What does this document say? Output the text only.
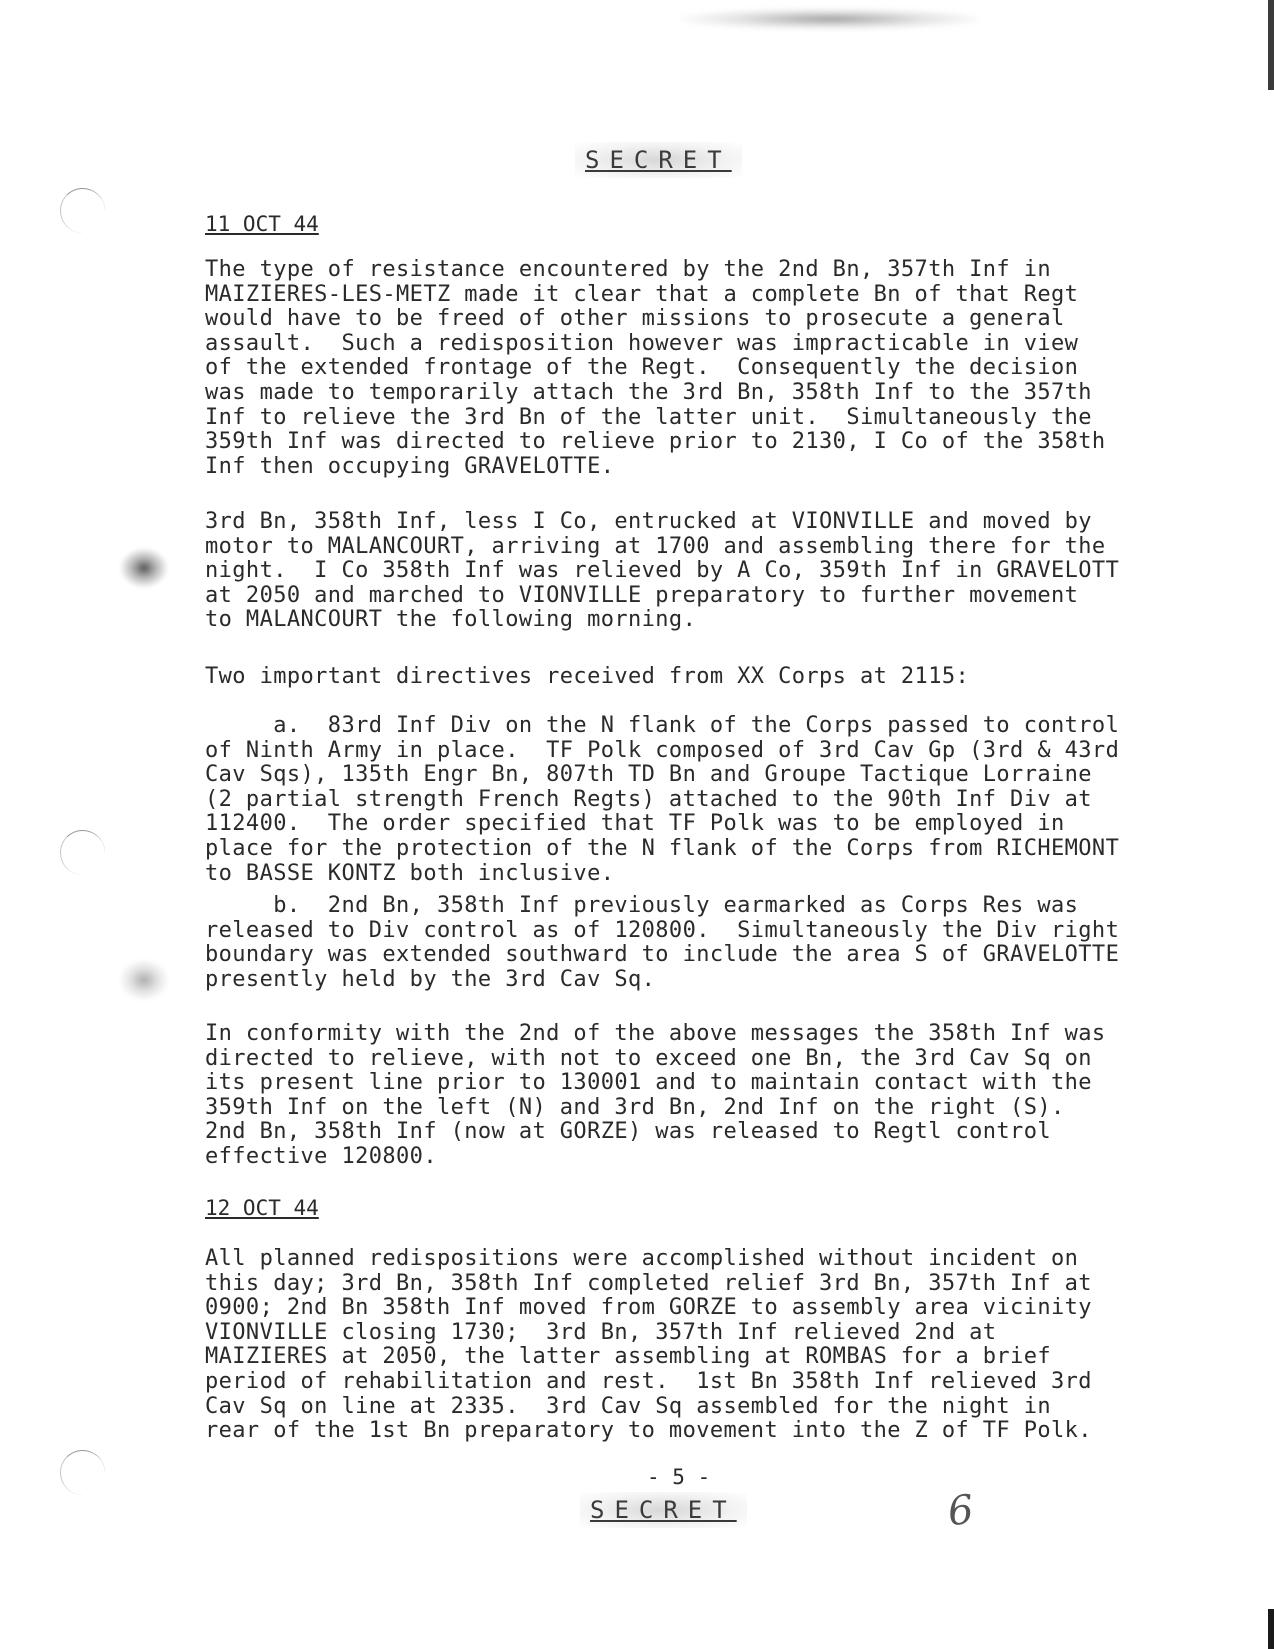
SECRET
11 OCT 44

The type of resistance encountered by the 2nd Bn, 357th Inf in
MAIZIERES-LES-METZ made it clear that a complete Bn of that Regt
would have to be freed of other missions to prosecute a general
assault.  Such a redisposition however was impracticable in view
of the extended frontage of the Regt.  Consequently the decision
was made to temporarily attach the 3rd Bn, 358th Inf to the 357th
Inf to relieve the 3rd Bn of the latter unit.  Simultaneously the
359th Inf was directed to relieve prior to 2130, I Co of the 358th
Inf then occupying GRAVELOTTE.

3rd Bn, 358th Inf, less I Co, entrucked at VIONVILLE and moved by
motor to MALANCOURT, arriving at 1700 and assembling there for the
night.  I Co 358th Inf was relieved by A Co, 359th Inf in GRAVELOTT
at 2050 and marched to VIONVILLE preparatory to further movement
to MALANCOURT the following morning.

Two important directives received from XX Corps at 2115:

a.  83rd Inf Div on the N flank of the Corps passed to control
of Ninth Army in place.  TF Polk composed of 3rd Cav Gp (3rd & 43rd
Cav Sqs), 135th Engr Bn, 807th TD Bn and Groupe Tactique Lorraine
(2 partial strength French Regts) attached to the 90th Inf Div at
112400.  The order specified that TF Polk was to be employed in
place for the protection of the N flank of the Corps from RICHEMONT
to BASSE KONTZ both inclusive.

b.  2nd Bn, 358th Inf previously earmarked as Corps Res was
released to Div control as of 120800.  Simultaneously the Div right
boundary was extended southward to include the area S of GRAVELOTTE
presently held by the 3rd Cav Sq.

In conformity with the 2nd of the above messages the 358th Inf was
directed to relieve, with not to exceed one Bn, the 3rd Cav Sq on
its present line prior to 130001 and to maintain contact with the
359th Inf on the left (N) and 3rd Bn, 2nd Inf on the right (S).
2nd Bn, 358th Inf (now at GORZE) was released to Regtl control
effective 120800.

12 OCT 44

All planned redispositions were accomplished without incident on
this day; 3rd Bn, 358th Inf completed relief 3rd Bn, 357th Inf at
0900; 2nd Bn 358th Inf moved from GORZE to assembly area vicinity
VIONVILLE closing 1730;  3rd Bn, 357th Inf relieved 2nd at
MAIZIERES at 2050, the latter assembling at ROMBAS for a brief
period of rehabilitation and rest.  1st Bn 358th Inf relieved 3rd
Cav Sq on line at 2335.  3rd Cav Sq assembled for the night in
rear of the 1st Bn preparatory to movement into the Z of TF Polk.

- 5 -
SECRET	6
